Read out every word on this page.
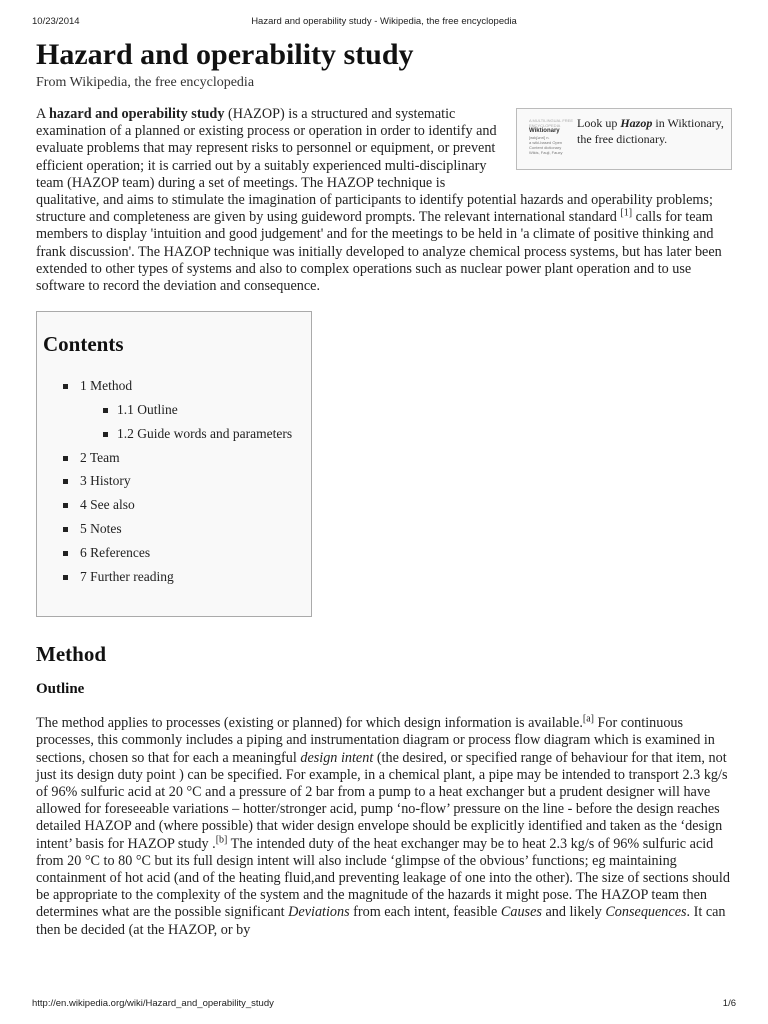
10/23/2014	Hazard and operability study - Wikipedia, the free encyclopedia
Hazard and operability study
From Wikipedia, the free encyclopedia
A MULTILINGUAL FREE ENCYCLOPEDIA
Wiktionary
[wɪkʃənri] n.
a wiki-based Open Content dictionary
Wikis, Fauji, Fauxy
Look up Hazop in Wiktionary, the free dictionary.

A hazard and operability study (HAZOP) is a structured and systematic examination of a planned or existing process or operation in order to identify and evaluate problems that may represent risks to personnel or equipment, or prevent efficient operation; it is carried out by a suitably experienced multi-disciplinary team (HAZOP team) during a set of meetings. The HAZOP technique is qualitative, and aims to stimulate the imagination of participants to identify potential hazards and operability problems; structure and completeness are given by using guideword prompts. The relevant international standard [1] calls for team members to display 'intuition and good judgement' and for the meetings to be held in 'a climate of positive thinking and frank discussion'. The HAZOP technique was initially developed to analyze chemical process systems, but has later been extended to other types of systems and also to complex operations such as nuclear power plant operation and to use software to record the deviation and consequence.

Contents
1 Method
1.1 Outline
1.2 Guide words and parameters
2 Team
3 History
4 See also
5 Notes
6 References
7 Further reading
Method
Outline

The method applies to processes (existing or planned) for which design information is available.[a] For continuous processes, this commonly includes a piping and instrumentation diagram or process flow diagram which is examined in sections, chosen so that for each a meaningful design intent (the desired, or specified range of behaviour for that item, not just its design duty point ) can be specified. For example, in a chemical plant, a pipe may be intended to transport 2.3 kg/s of 96% sulfuric acid at 20 °C and a pressure of 2 bar from a pump to a heat exchanger but a prudent designer will have allowed for foreseeable variations – hotter/stronger acid, pump ‘no-flow’ pressure on the line - before the design reaches detailed HAZOP and (where possible) that wider design envelope should be explicitly identified and taken as the ‘design intent’ basis for HAZOP study .[b] The intended duty of the heat exchanger may be to heat 2.3 kg/s of 96% sulfuric acid from 20 °C to 80 °C but its full design intent will also include ‘glimpse of the obvious’ functions; eg maintaining containment of hot acid (and of the heating fluid,and preventing leakage of one into the other). The size of sections should be appropriate to the complexity of the system and the magnitude of the hazards it might pose. The HAZOP team then determines what are the possible significant Deviations from each intent, feasible Causes and likely Consequences. It can then be decided (at the HAZOP, or by

http://en.wikipedia.org/wiki/Hazard_and_operability_study	1/6
